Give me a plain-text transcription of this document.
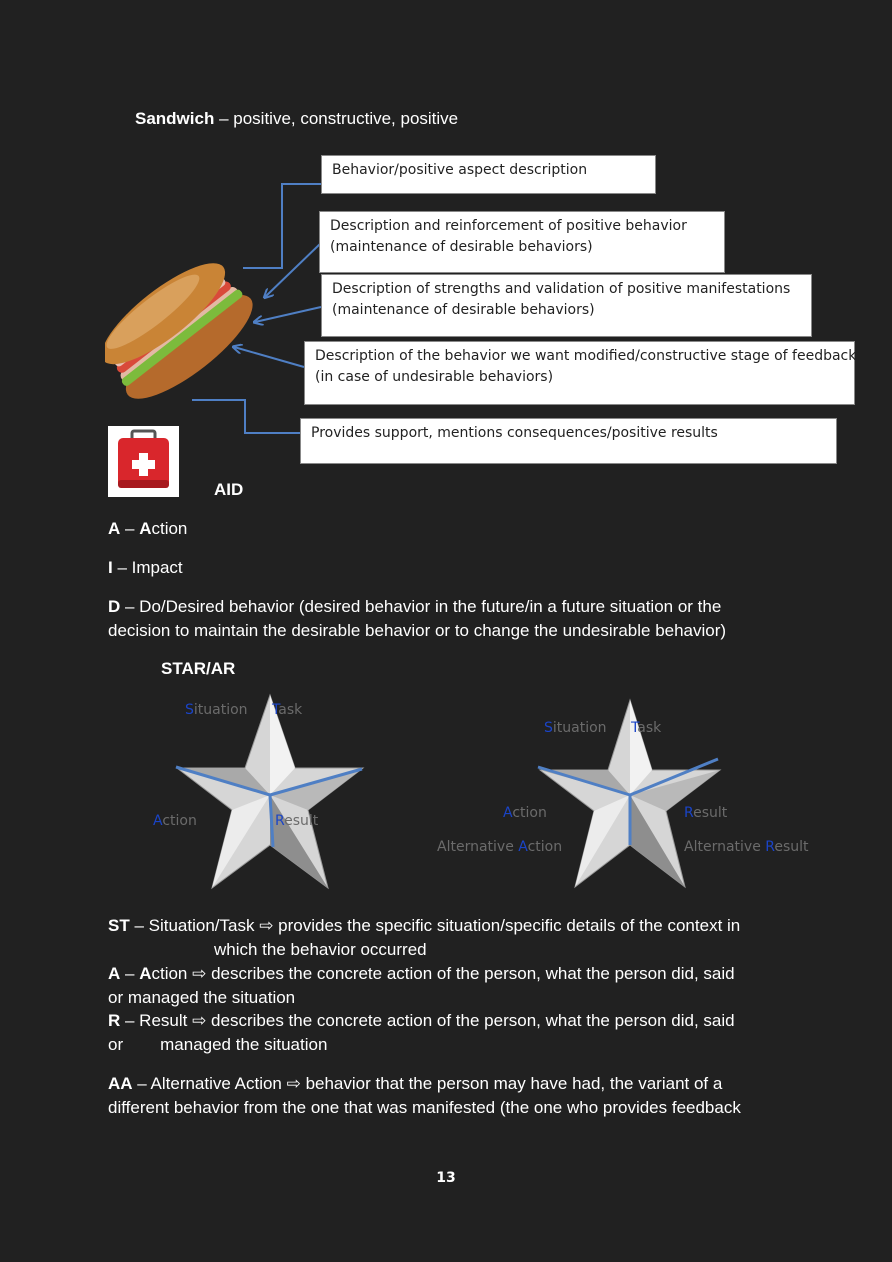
Sandwich – positive, constructive, positive
Behavior/positive aspect description
Description and reinforcement of positive behavior
(maintenance of desirable behaviors)
Description of strengths and validation of positive manifestations
(maintenance of desirable behaviors)
Description of the behavior we want modified/constructive stage of feedback
(in case of undesirable behaviors)
Provides support, mentions consequences/positive results
AID
A – Action
I – Impact
D – Do/Desired behavior (desired behavior in the future/in a future situation or the
decision to maintain the desirable behavior or to change the undesirable behavior)
STAR/AR
Situation Task
Action	Result
Situation Task
Action	Result
Alternative Action	Alternative Result
ST – Situation/Task ⇨ provides the specific situation/specific details of the context in
which the behavior occurred
A – Action ⇨ describes the concrete action of the person, what the person did, said
or managed the situation
R – Result ⇨ describes the concrete action of the person, what the person did, said
or managed the situation
AA – Alternative Action ⇨ behavior that the person may have had, the variant of a
different behavior from the one that was manifested (the one who provides feedback
13
